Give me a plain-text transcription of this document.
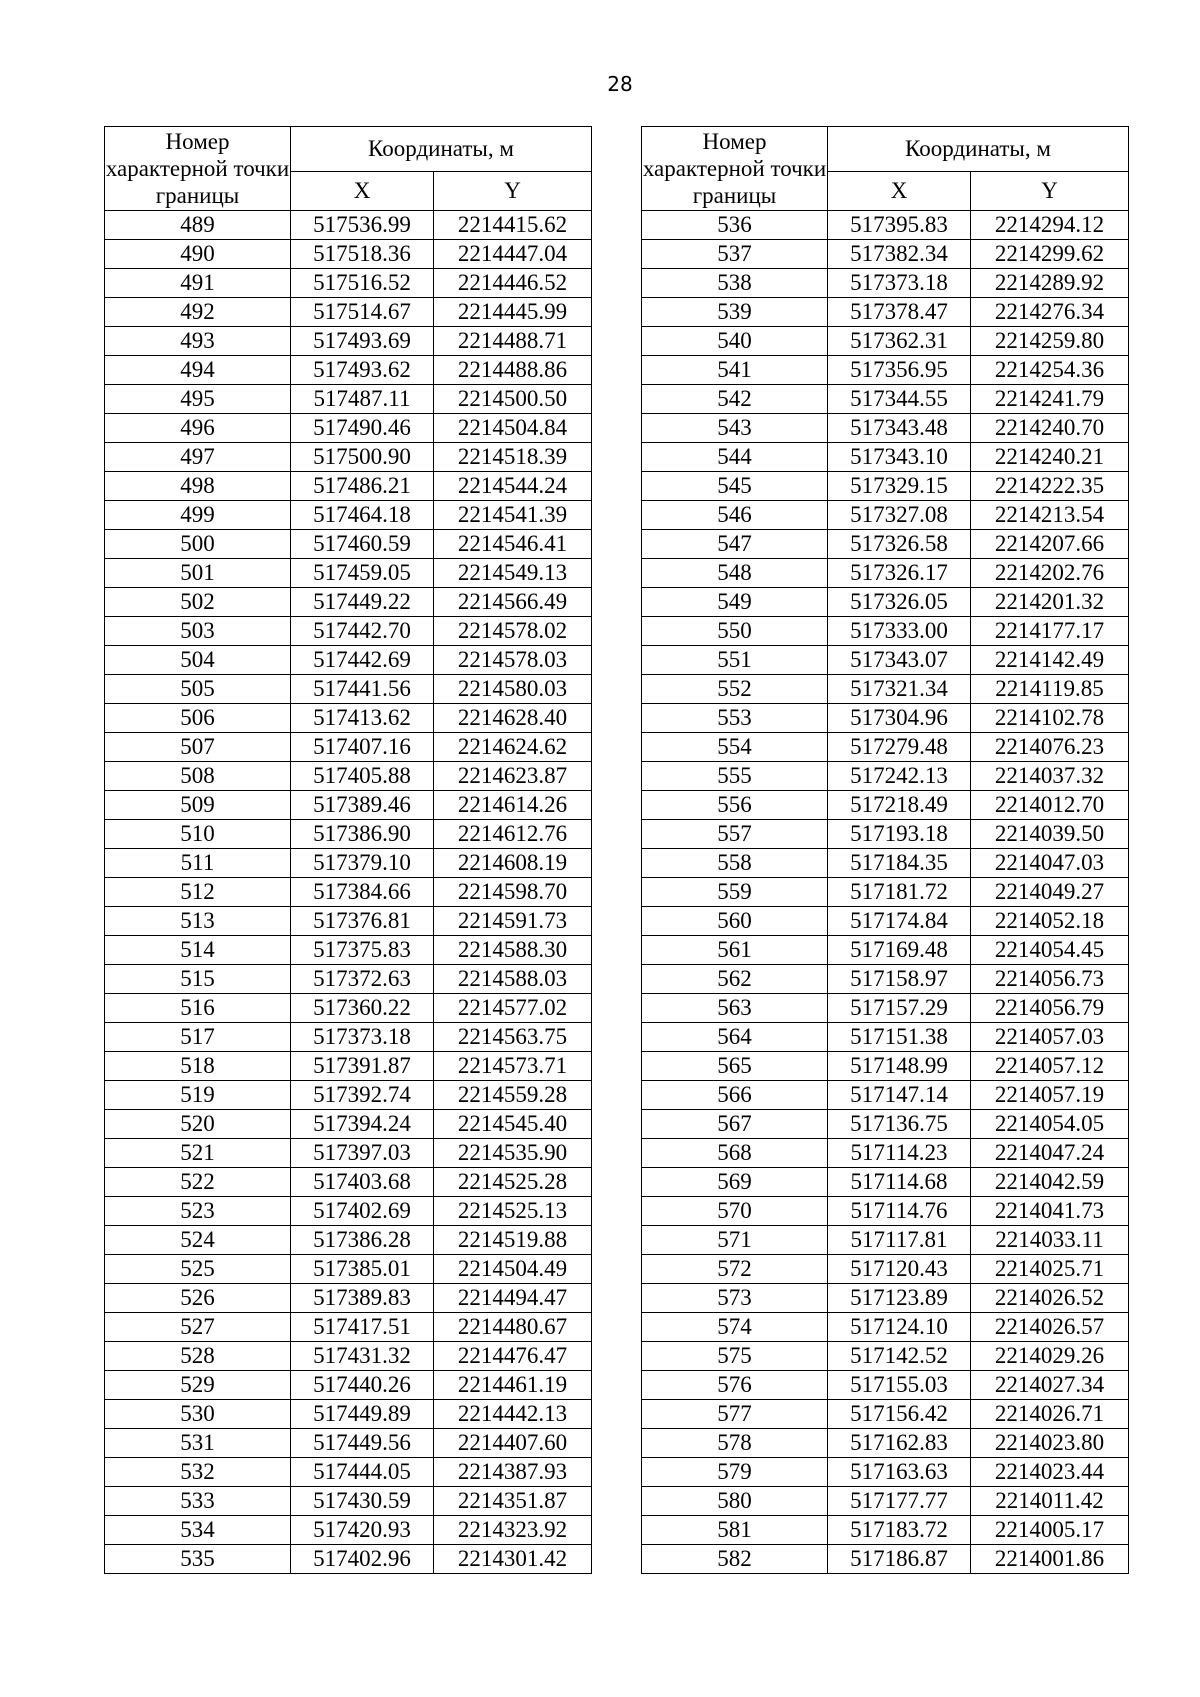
28
Номер характерной точки границы	Координаты, м	
	X	Y
489	517536.99	2214415.62
490	517518.36	2214447.04
491	517516.52	2214446.52
492	517514.67	2214445.99
493	517493.69	2214488.71
494	517493.62	2214488.86
495	517487.11	2214500.50
496	517490.46	2214504.84
497	517500.90	2214518.39
498	517486.21	2214544.24
499	517464.18	2214541.39
500	517460.59	2214546.41
501	517459.05	2214549.13
502	517449.22	2214566.49
503	517442.70	2214578.02
504	517442.69	2214578.03
505	517441.56	2214580.03
506	517413.62	2214628.40
507	517407.16	2214624.62
508	517405.88	2214623.87
509	517389.46	2214614.26
510	517386.90	2214612.76
511	517379.10	2214608.19
512	517384.66	2214598.70
513	517376.81	2214591.73
514	517375.83	2214588.30
515	517372.63	2214588.03
516	517360.22	2214577.02
517	517373.18	2214563.75
518	517391.87	2214573.71
519	517392.74	2214559.28
520	517394.24	2214545.40
521	517397.03	2214535.90
522	517403.68	2214525.28
523	517402.69	2214525.13
524	517386.28	2214519.88
525	517385.01	2214504.49
526	517389.83	2214494.47
527	517417.51	2214480.67
528	517431.32	2214476.47
529	517440.26	2214461.19
530	517449.89	2214442.13
531	517449.56	2214407.60
532	517444.05	2214387.93
533	517430.59	2214351.87
534	517420.93	2214323.92
535	517402.96	2214301.42
Номер характерной точки границы	Координаты, м	
	X	Y
536	517395.83	2214294.12
537	517382.34	2214299.62
538	517373.18	2214289.92
539	517378.47	2214276.34
540	517362.31	2214259.80
541	517356.95	2214254.36
542	517344.55	2214241.79
543	517343.48	2214240.70
544	517343.10	2214240.21
545	517329.15	2214222.35
546	517327.08	2214213.54
547	517326.58	2214207.66
548	517326.17	2214202.76
549	517326.05	2214201.32
550	517333.00	2214177.17
551	517343.07	2214142.49
552	517321.34	2214119.85
553	517304.96	2214102.78
554	517279.48	2214076.23
555	517242.13	2214037.32
556	517218.49	2214012.70
557	517193.18	2214039.50
558	517184.35	2214047.03
559	517181.72	2214049.27
560	517174.84	2214052.18
561	517169.48	2214054.45
562	517158.97	2214056.73
563	517157.29	2214056.79
564	517151.38	2214057.03
565	517148.99	2214057.12
566	517147.14	2214057.19
567	517136.75	2214054.05
568	517114.23	2214047.24
569	517114.68	2214042.59
570	517114.76	2214041.73
571	517117.81	2214033.11
572	517120.43	2214025.71
573	517123.89	2214026.52
574	517124.10	2214026.57
575	517142.52	2214029.26
576	517155.03	2214027.34
577	517156.42	2214026.71
578	517162.83	2214023.80
579	517163.63	2214023.44
580	517177.77	2214011.42
581	517183.72	2214005.17
582	517186.87	2214001.86
